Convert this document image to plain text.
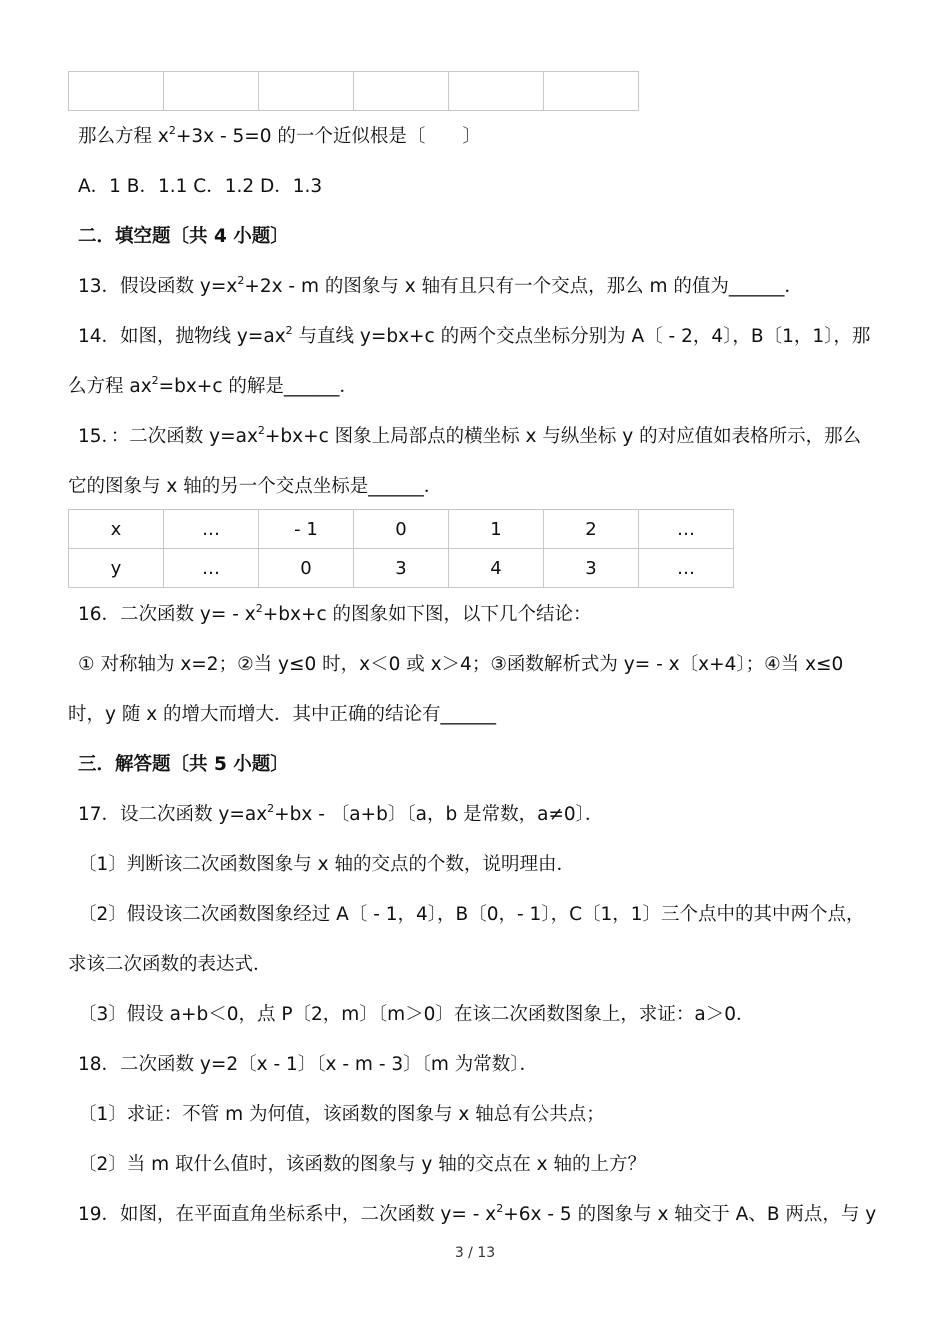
那么方程 $x^2+3x - 5=0$ 的一个近似根是〔　　〕
A．1 B．1.1 C．1.2 D．1.3
二．填空题〔共 4 小题〕
13．假设函数 $y=x^2+2x - m$ 的图象与 x 轴有且只有一个交点，那么 m 的值为______．
14．如图，抛物线 $y=ax^2$ 与直线 y=bx+c 的两个交点坐标分别为 A〔 - 2，4〕，B〔1，1〕，那
么方程 $ax^2=bx+c$ 的解是______．
15．：二次函数 $y=ax^2+bx+c$ 图象上局部点的横坐标 x 与纵坐标 y 的对应值如表格所示，那么
它的图象与 x 轴的另一个交点坐标是______．
x	…	- 1	0	1	2	…
y	…	0	3	4	3	…
16．二次函数 $y= - x^2+bx+c$ 的图象如下图，以下几个结论：
① 对称轴为 x=2；②当 y≤0 时，x＜0 或 x＞4；③函数解析式为 y= - x〔x+4〕；④当 x≤0
时，y 随 x 的增大而增大．其中正确的结论有______
三．解答题〔共 5 小题〕
17．设二次函数 $y=ax^2+bx$ - 〔a+b〕〔a，b 是常数，a≠0〕．
〔1〕判断该二次函数图象与 x 轴的交点的个数，说明理由．
〔2〕假设该二次函数图象经过 A〔 - 1，4〕，B〔0，- 1〕，C〔1，1〕三个点中的其中两个点，
求该二次函数的表达式．
〔3〕假设 a+b＜0，点 P〔2，m〕〔m＞0〕在该二次函数图象上，求证：a＞0．
18．二次函数 y=2〔x - 1〕〔x - m - 3〕〔m 为常数〕．
〔1〕求证：不管 m 为何值，该函数的图象与 x 轴总有公共点；
〔2〕当 m 取什么值时，该函数的图象与 y 轴的交点在 x 轴的上方？
19．如图，在平面直角坐标系中，二次函数 $y= - x^2+6x - 5$ 的图象与 x 轴交于 A、B 两点，与 y
3 / 13
